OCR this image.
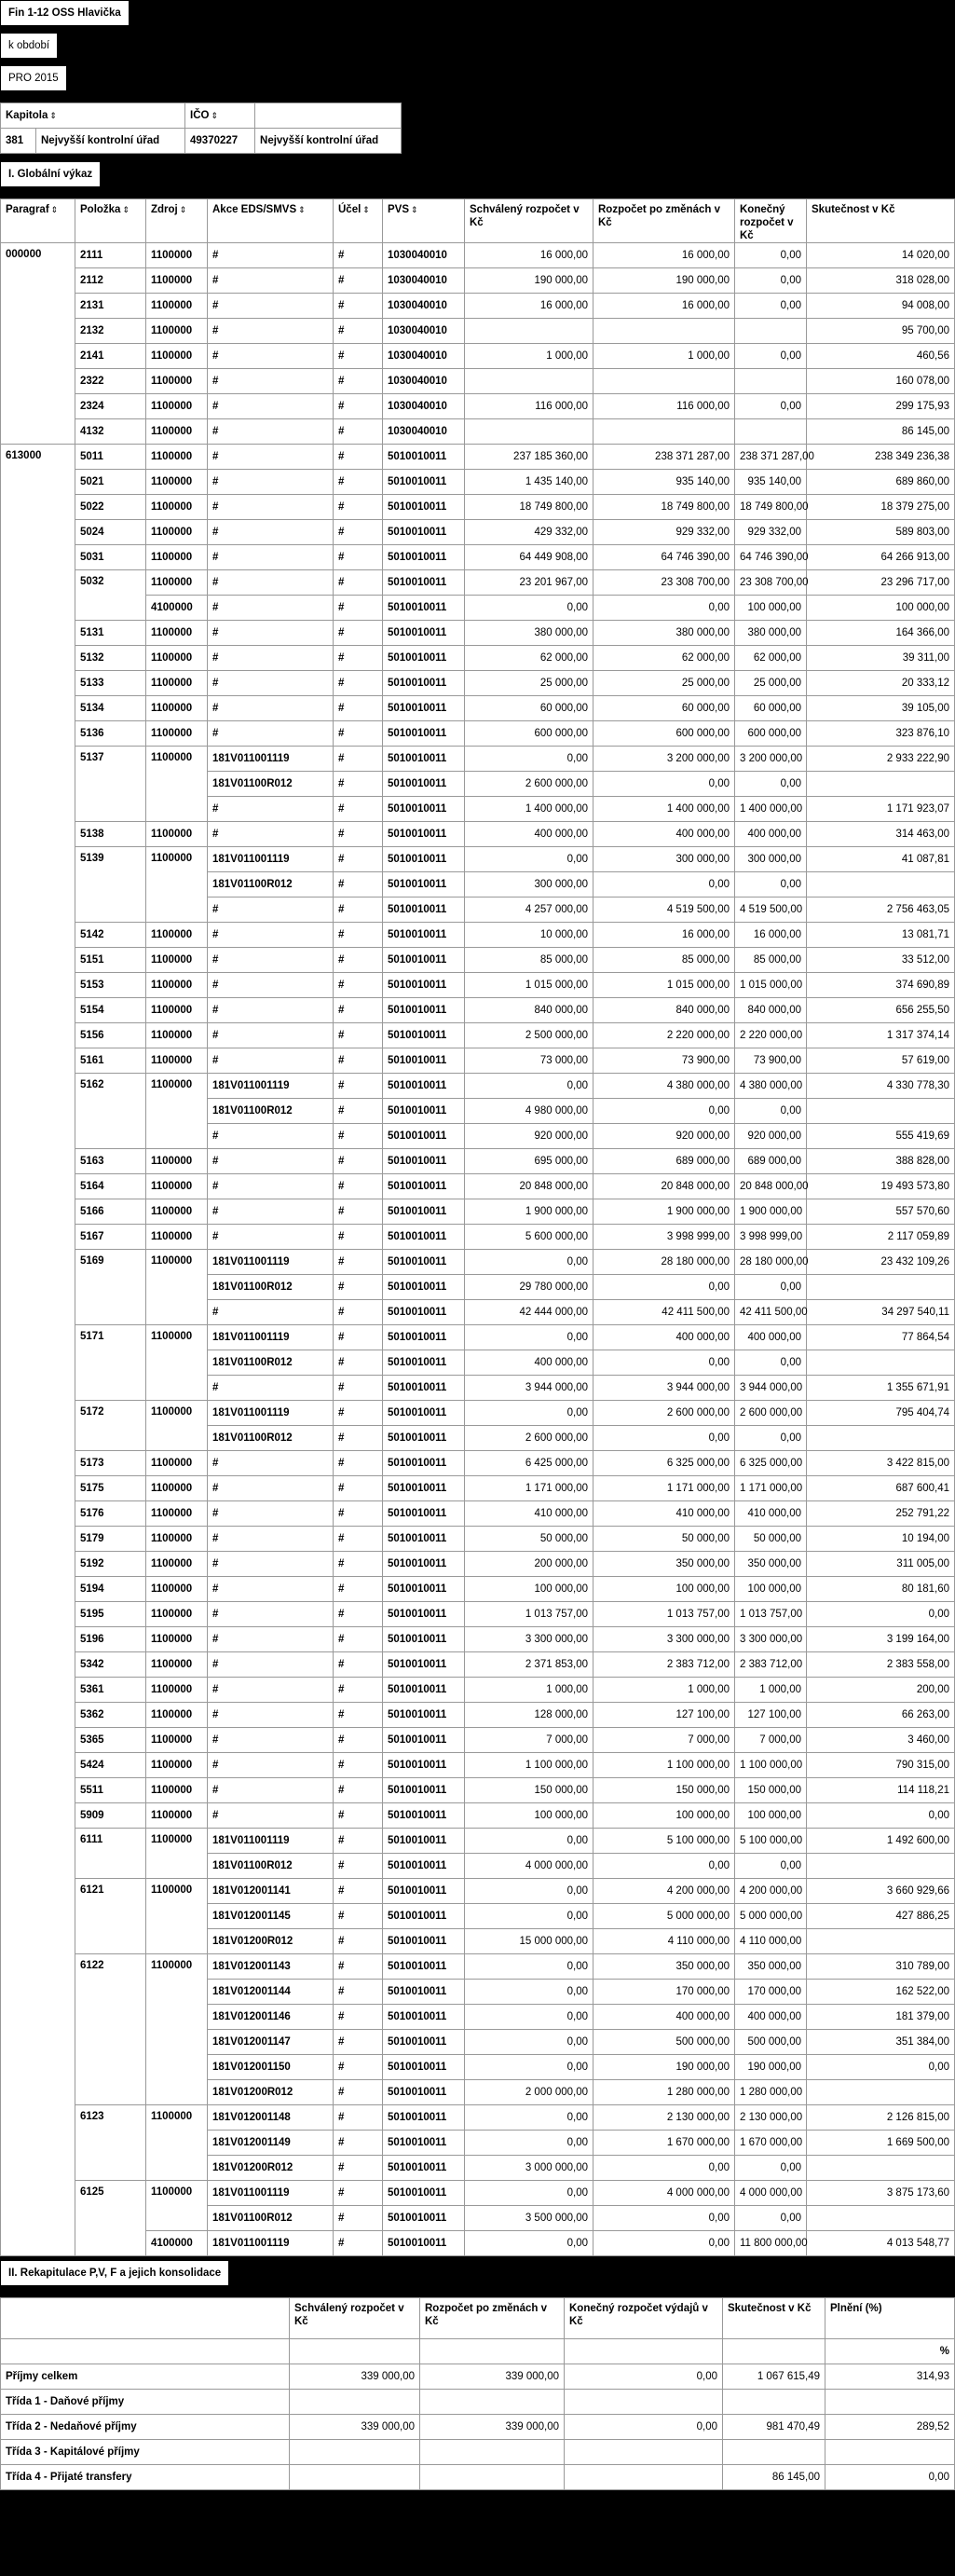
Fin 1-12 OSS Hlavička
k období
PRO 2015
Kapitola ⇕		IČO ⇕	
381	Nejvyšší kontrolní úřad	49370227	Nejvyšší kontrolní úřad
I. Globální výkaz
Paragraf ⇕	Položka ⇕	Zdroj ⇕	Akce EDS/SMVS ⇕	Účel ⇕	PVS ⇕	Schválený rozpočet v Kč	Rozpočet po změnách v Kč	Konečný rozpočet v Kč	Skutečnost v Kč
000000	2111	1100000	#	#	1030040010	16 000,00	16 000,00	0,00	14 020,00
	2112	1100000	#	#	1030040010	190 000,00	190 000,00	0,00	318 028,00
	2131	1100000	#	#	1030040010	16 000,00	16 000,00	0,00	94 008,00
	2132	1100000	#	#	1030040010				95 700,00
	2141	1100000	#	#	1030040010	1 000,00	1 000,00	0,00	460,56
	2322	1100000	#	#	1030040010				160 078,00
	2324	1100000	#	#	1030040010	116 000,00	116 000,00	0,00	299 175,93
	4132	1100000	#	#	1030040010				86 145,00
613000	5011	1100000	#	#	5010010011	237 185 360,00	238 371 287,00	238 371 287,00	238 349 236,38
	5021	1100000	#	#	5010010011	1 435 140,00	935 140,00	935 140,00	689 860,00
	5022	1100000	#	#	5010010011	18 749 800,00	18 749 800,00	18 749 800,00	18 379 275,00
	5024	1100000	#	#	5010010011	429 332,00	929 332,00	929 332,00	589 803,00
	5031	1100000	#	#	5010010011	64 449 908,00	64 746 390,00	64 746 390,00	64 266 913,00
	5032	1100000	#	#	5010010011	23 201 967,00	23 308 700,00	23 308 700,00	23 296 717,00
		4100000	#	#	5010010011	0,00	0,00	100 000,00	100 000,00
	5131	1100000	#	#	5010010011	380 000,00	380 000,00	380 000,00	164 366,00
	5132	1100000	#	#	5010010011	62 000,00	62 000,00	62 000,00	39 311,00
	5133	1100000	#	#	5010010011	25 000,00	25 000,00	25 000,00	20 333,12
	5134	1100000	#	#	5010010011	60 000,00	60 000,00	60 000,00	39 105,00
	5136	1100000	#	#	5010010011	600 000,00	600 000,00	600 000,00	323 876,10
	5137	1100000	181V011001119	#	5010010011	0,00	3 200 000,00	3 200 000,00	2 933 222,90
			181V01100R012	#	5010010011	2 600 000,00	0,00	0,00	
			#	#	5010010011	1 400 000,00	1 400 000,00	1 400 000,00	1 171 923,07
	5138	1100000	#	#	5010010011	400 000,00	400 000,00	400 000,00	314 463,00
	5139	1100000	181V011001119	#	5010010011	0,00	300 000,00	300 000,00	41 087,81
			181V01100R012	#	5010010011	300 000,00	0,00	0,00	
			#	#	5010010011	4 257 000,00	4 519 500,00	4 519 500,00	2 756 463,05
	5142	1100000	#	#	5010010011	10 000,00	16 000,00	16 000,00	13 081,71
	5151	1100000	#	#	5010010011	85 000,00	85 000,00	85 000,00	33 512,00
	5153	1100000	#	#	5010010011	1 015 000,00	1 015 000,00	1 015 000,00	374 690,89
	5154	1100000	#	#	5010010011	840 000,00	840 000,00	840 000,00	656 255,50
	5156	1100000	#	#	5010010011	2 500 000,00	2 220 000,00	2 220 000,00	1 317 374,14
	5161	1100000	#	#	5010010011	73 000,00	73 900,00	73 900,00	57 619,00
	5162	1100000	181V011001119	#	5010010011	0,00	4 380 000,00	4 380 000,00	4 330 778,30
			181V01100R012	#	5010010011	4 980 000,00	0,00	0,00	
			#	#	5010010011	920 000,00	920 000,00	920 000,00	555 419,69
	5163	1100000	#	#	5010010011	695 000,00	689 000,00	689 000,00	388 828,00
	5164	1100000	#	#	5010010011	20 848 000,00	20 848 000,00	20 848 000,00	19 493 573,80
	5166	1100000	#	#	5010010011	1 900 000,00	1 900 000,00	1 900 000,00	557 570,60
	5167	1100000	#	#	5010010011	5 600 000,00	3 998 999,00	3 998 999,00	2 117 059,89
	5169	1100000	181V011001119	#	5010010011	0,00	28 180 000,00	28 180 000,00	23 432 109,26
			181V01100R012	#	5010010011	29 780 000,00	0,00	0,00	
			#	#	5010010011	42 444 000,00	42 411 500,00	42 411 500,00	34 297 540,11
	5171	1100000	181V011001119	#	5010010011	0,00	400 000,00	400 000,00	77 864,54
			181V01100R012	#	5010010011	400 000,00	0,00	0,00	
			#	#	5010010011	3 944 000,00	3 944 000,00	3 944 000,00	1 355 671,91
	5172	1100000	181V011001119	#	5010010011	0,00	2 600 000,00	2 600 000,00	795 404,74
			181V01100R012	#	5010010011	2 600 000,00	0,00	0,00	
	5173	1100000	#	#	5010010011	6 425 000,00	6 325 000,00	6 325 000,00	3 422 815,00
	5175	1100000	#	#	5010010011	1 171 000,00	1 171 000,00	1 171 000,00	687 600,41
	5176	1100000	#	#	5010010011	410 000,00	410 000,00	410 000,00	252 791,22
	5179	1100000	#	#	5010010011	50 000,00	50 000,00	50 000,00	10 194,00
	5192	1100000	#	#	5010010011	200 000,00	350 000,00	350 000,00	311 005,00
	5194	1100000	#	#	5010010011	100 000,00	100 000,00	100 000,00	80 181,60
	5195	1100000	#	#	5010010011	1 013 757,00	1 013 757,00	1 013 757,00	0,00
	5196	1100000	#	#	5010010011	3 300 000,00	3 300 000,00	3 300 000,00	3 199 164,00
	5342	1100000	#	#	5010010011	2 371 853,00	2 383 712,00	2 383 712,00	2 383 558,00
	5361	1100000	#	#	5010010011	1 000,00	1 000,00	1 000,00	200,00
	5362	1100000	#	#	5010010011	128 000,00	127 100,00	127 100,00	66 263,00
	5365	1100000	#	#	5010010011	7 000,00	7 000,00	7 000,00	3 460,00
	5424	1100000	#	#	5010010011	1 100 000,00	1 100 000,00	1 100 000,00	790 315,00
	5511	1100000	#	#	5010010011	150 000,00	150 000,00	150 000,00	114 118,21
	5909	1100000	#	#	5010010011	100 000,00	100 000,00	100 000,00	0,00
	6111	1100000	181V011001119	#	5010010011	0,00	5 100 000,00	5 100 000,00	1 492 600,00
			181V01100R012	#	5010010011	4 000 000,00	0,00	0,00	
	6121	1100000	181V012001141	#	5010010011	0,00	4 200 000,00	4 200 000,00	3 660 929,66
			181V012001145	#	5010010011	0,00	5 000 000,00	5 000 000,00	427 886,25
			181V01200R012	#	5010010011	15 000 000,00	4 110 000,00	4 110 000,00	
	6122	1100000	181V012001143	#	5010010011	0,00	350 000,00	350 000,00	310 789,00
			181V012001144	#	5010010011	0,00	170 000,00	170 000,00	162 522,00
			181V012001146	#	5010010011	0,00	400 000,00	400 000,00	181 379,00
			181V012001147	#	5010010011	0,00	500 000,00	500 000,00	351 384,00
			181V012001150	#	5010010011	0,00	190 000,00	190 000,00	0,00
			181V01200R012	#	5010010011	2 000 000,00	1 280 000,00	1 280 000,00	
	6123	1100000	181V012001148	#	5010010011	0,00	2 130 000,00	2 130 000,00	2 126 815,00
			181V012001149	#	5010010011	0,00	1 670 000,00	1 670 000,00	1 669 500,00
			181V01200R012	#	5010010011	3 000 000,00	0,00	0,00	
	6125	1100000	181V011001119	#	5010010011	0,00	4 000 000,00	4 000 000,00	3 875 173,60
			181V01100R012	#	5010010011	3 500 000,00	0,00	0,00	
		4100000	181V011001119	#	5010010011	0,00	0,00	11 800 000,00	4 013 548,77
II. Rekapitulace P,V, F a jejich konsolidace
	Schválený rozpočet v Kč	Rozpočet po změnách v Kč	Konečný rozpočet výdajů v Kč	Skutečnost v Kč	Plnění (%)
					%
Příjmy celkem	339 000,00	339 000,00	0,00	1 067 615,49	314,93
Třída 1 - Daňové příjmy					
Třída 2 - Nedaňové příjmy	339 000,00	339 000,00	0,00	981 470,49	289,52
Třída 3 - Kapitálové příjmy					
Třída 4 - Přijaté transfery				86 145,00	0,00
